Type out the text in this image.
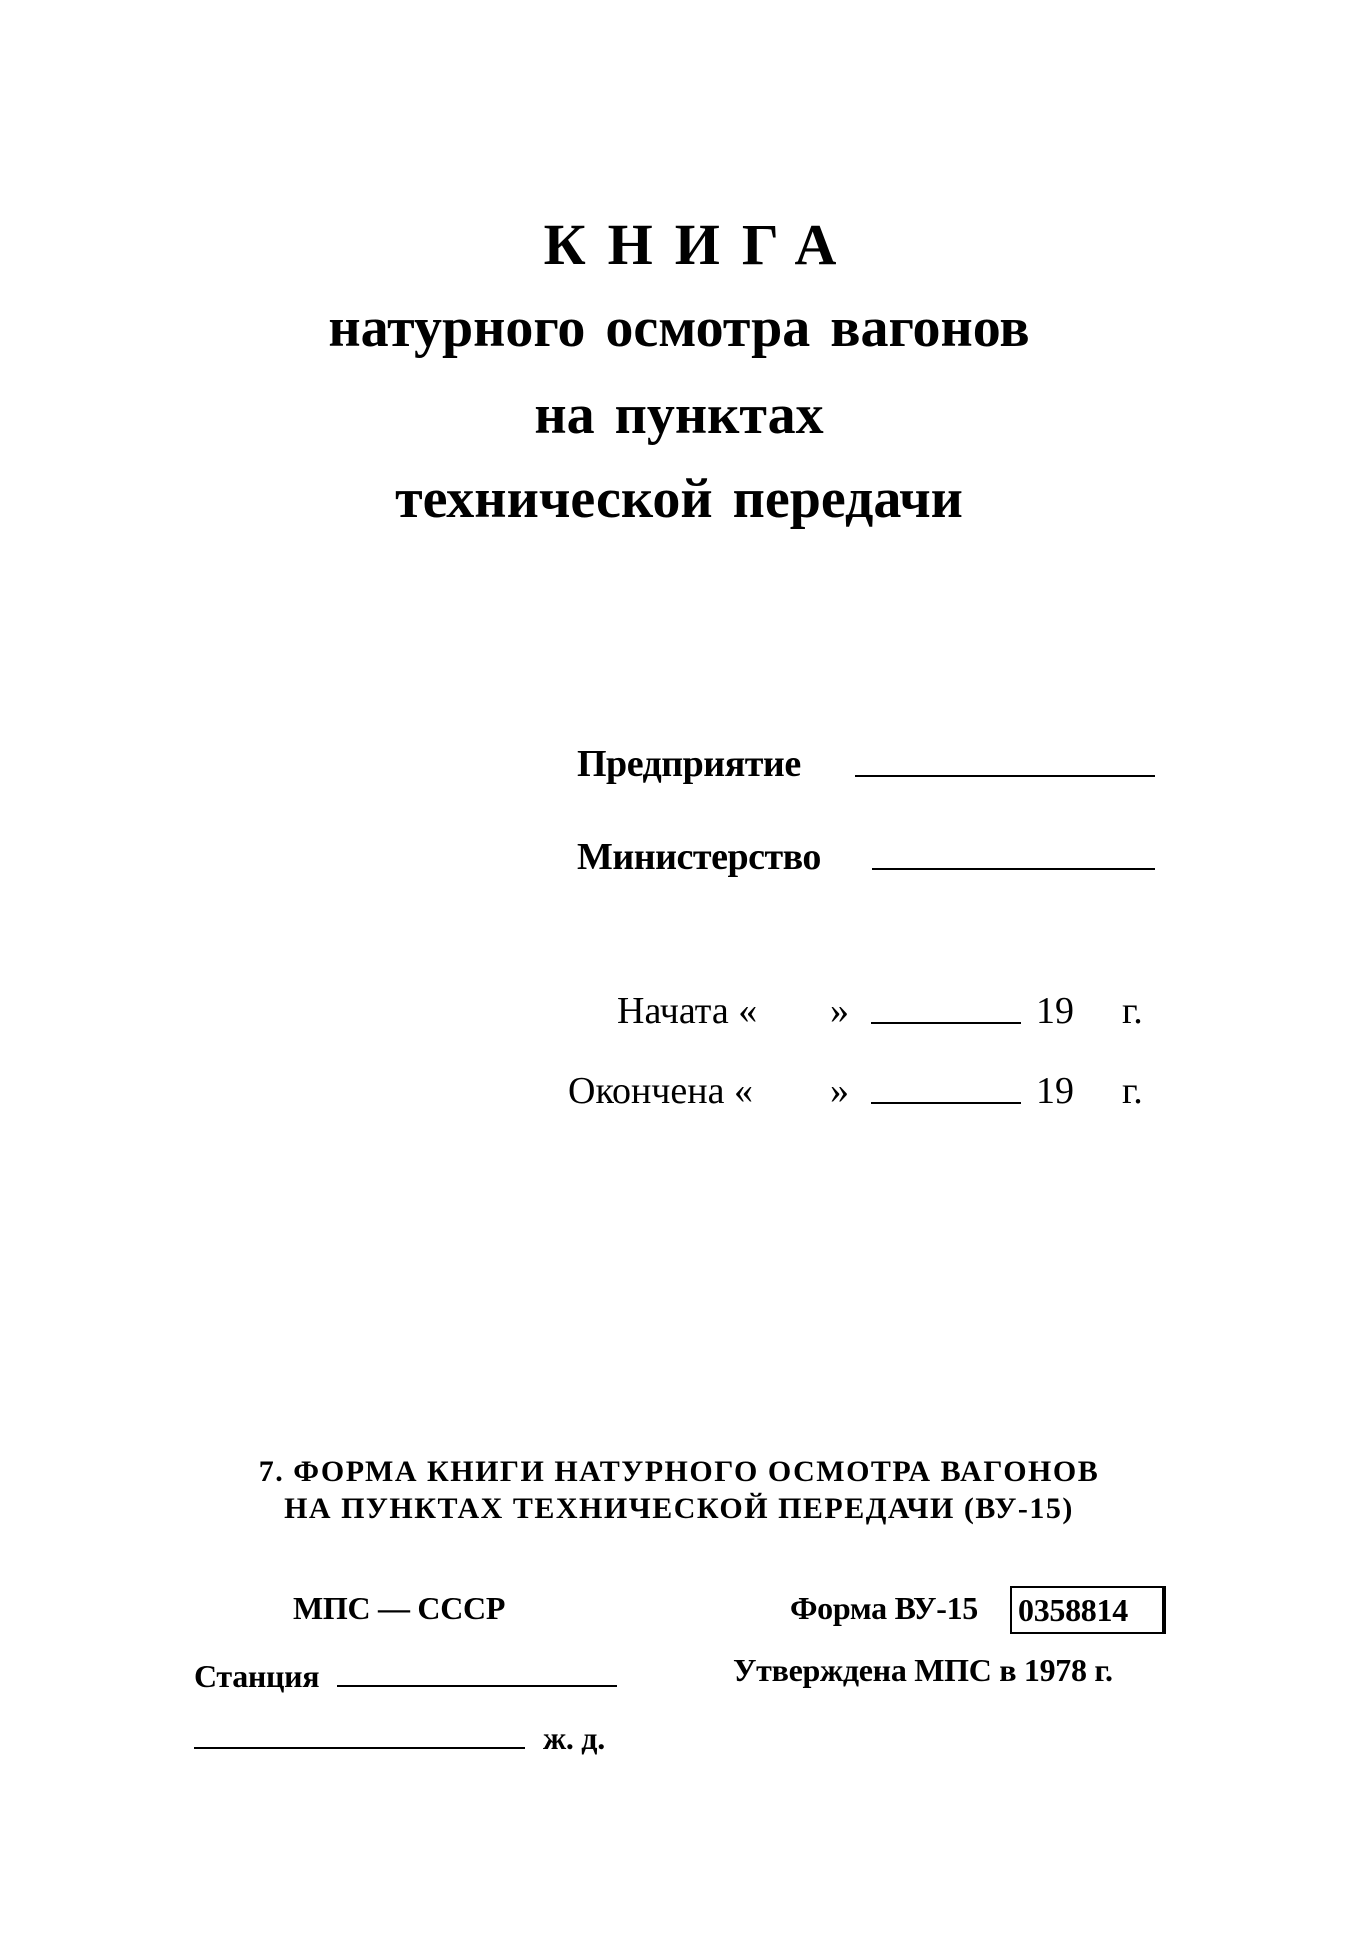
КНИГА
натурного осмотра вагонов
на пунктах
технической передачи
Предприятие
Министерство
Начата « »	19 г.
Окончена « »	19 г.
7. ФОРМА КНИГИ НАТУРНОГО ОСМОТРА ВАГОНОВ
НА ПУНКТАХ ТЕХНИЧЕСКОЙ ПЕРЕДАЧИ (ВУ-15)
МПС — СССР	Форма ВУ-15 0358814
Станция	Утверждена МПС в 1978 г.
ж. д.
